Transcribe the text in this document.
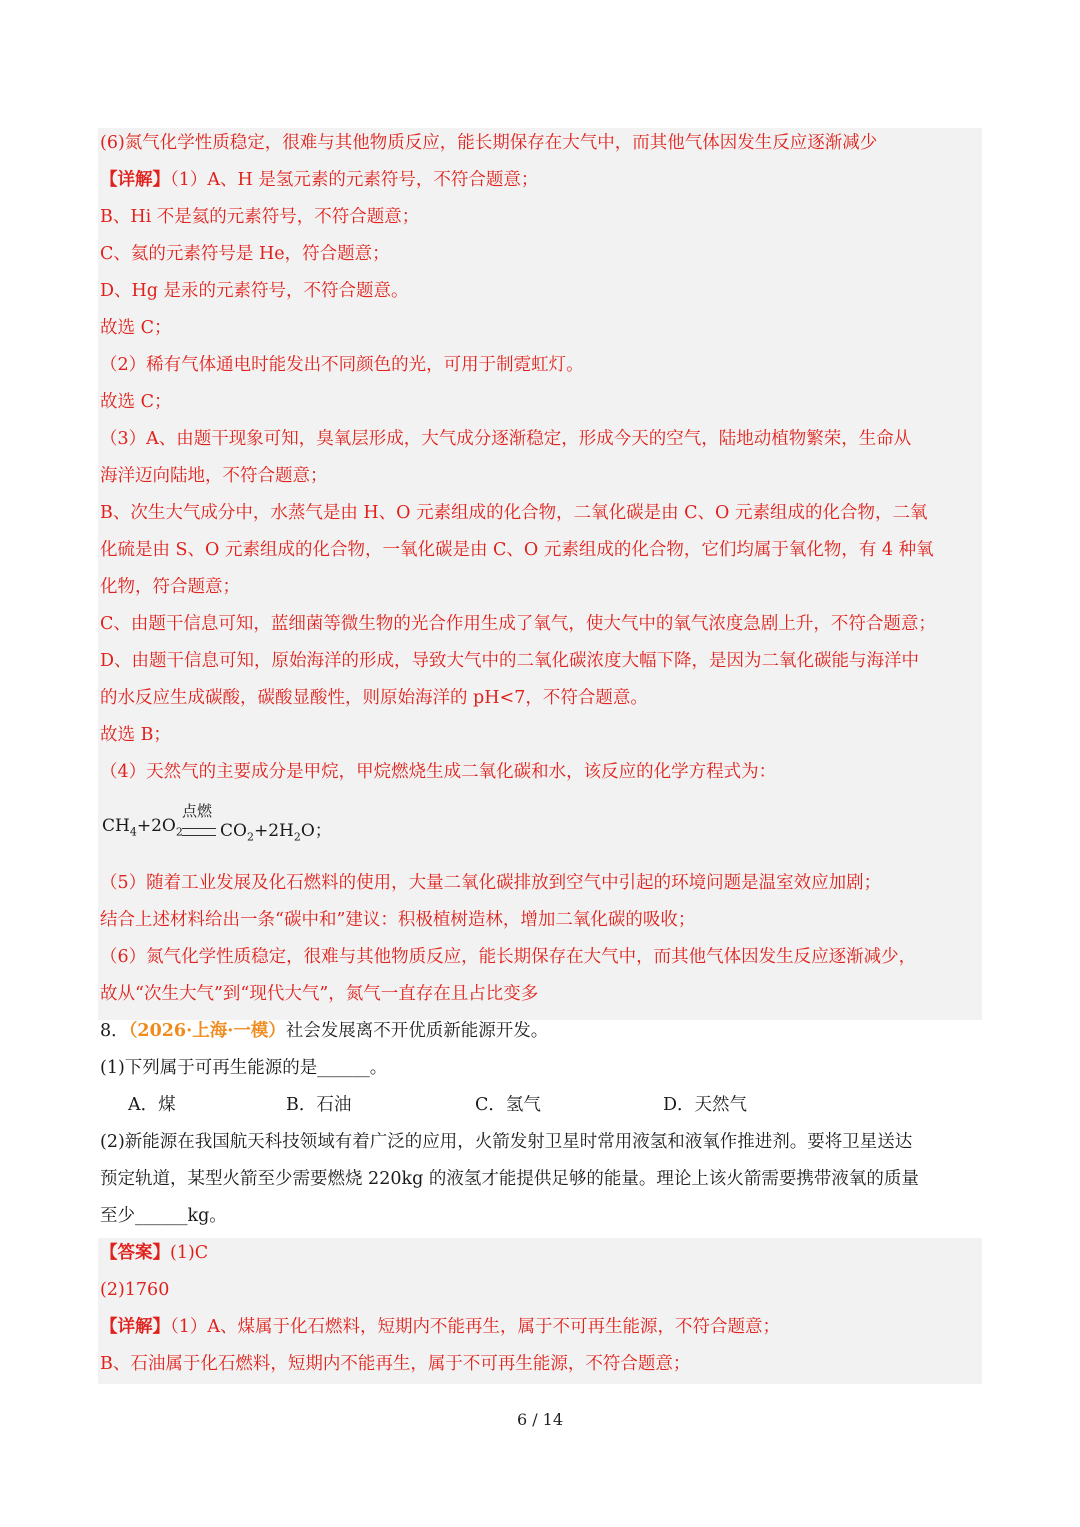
(6)氮气化学性质稳定，很难与其他物质反应，能长期保存在大气中，而其他气体因发生反应逐渐减少
【详解】（1）A、H 是氢元素的元素符号，不符合题意；
B、Hi 不是氦的元素符号，不符合题意；
C、氦的元素符号是 He，符合题意；
D、Hg 是汞的元素符号，不符合题意。
故选 C；
（2）稀有气体通电时能发出不同颜色的光，可用于制霓虹灯。
故选 C；
（3）A、由题干现象可知，臭氧层形成，大气成分逐渐稳定，形成今天的空气，陆地动植物繁荣，生命从
海洋迈向陆地，不符合题意；
B、次生大气成分中，水蒸气是由 H、O 元素组成的化合物，二氧化碳是由 C、O 元素组成的化合物，二氧
化硫是由 S、O 元素组成的化合物，一氧化碳是由 C、O 元素组成的化合物，它们均属于氧化物，有 4 种氧
化物，符合题意；
C、由题干信息可知，蓝细菌等微生物的光合作用生成了氧气，使大气中的氧气浓度急剧上升，不符合题意；
D、由题干信息可知，原始海洋的形成，导致大气中的二氧化碳浓度大幅下降，是因为二氧化碳能与海洋中
的水反应生成碳酸，碳酸显酸性，则原始海洋的 pH<7，不符合题意。
故选 B；
（4）天然气的主要成分是甲烷，甲烷燃烧生成二氧化碳和水，该反应的化学方程式为：
$CH_4+2O_2$
点燃
$CO_2+2H_2O$；
（5）随着工业发展及化石燃料的使用，大量二氧化碳排放到空气中引起的环境问题是温室效应加剧；
结合上述材料给出一条“碳中和”建议：积极植树造林，增加二氧化碳的吸收；
（6）氮气化学性质稳定，很难与其他物质反应，能长期保存在大气中，而其他气体因发生反应逐渐减少，
故从“次生大气”到“现代大气”，氮气一直存在且占比变多
8．（2026·上海·一模）社会发展离不开优质新能源开发。
(1)下列属于可再生能源的是______。
A．煤	B．石油	C．氢气	D．天然气
(2)新能源在我国航天科技领域有着广泛的应用，火箭发射卫星时常用液氢和液氧作推进剂。要将卫星送达
预定轨道，某型火箭至少需要燃烧 220kg 的液氢才能提供足够的能量。理论上该火箭需要携带液氧的质量
至少______kg。
【答案】(1)C
(2)1760
【详解】（1）A、煤属于化石燃料，短期内不能再生，属于不可再生能源，不符合题意；
B、石油属于化石燃料，短期内不能再生，属于不可再生能源，不符合题意；
6 / 14
